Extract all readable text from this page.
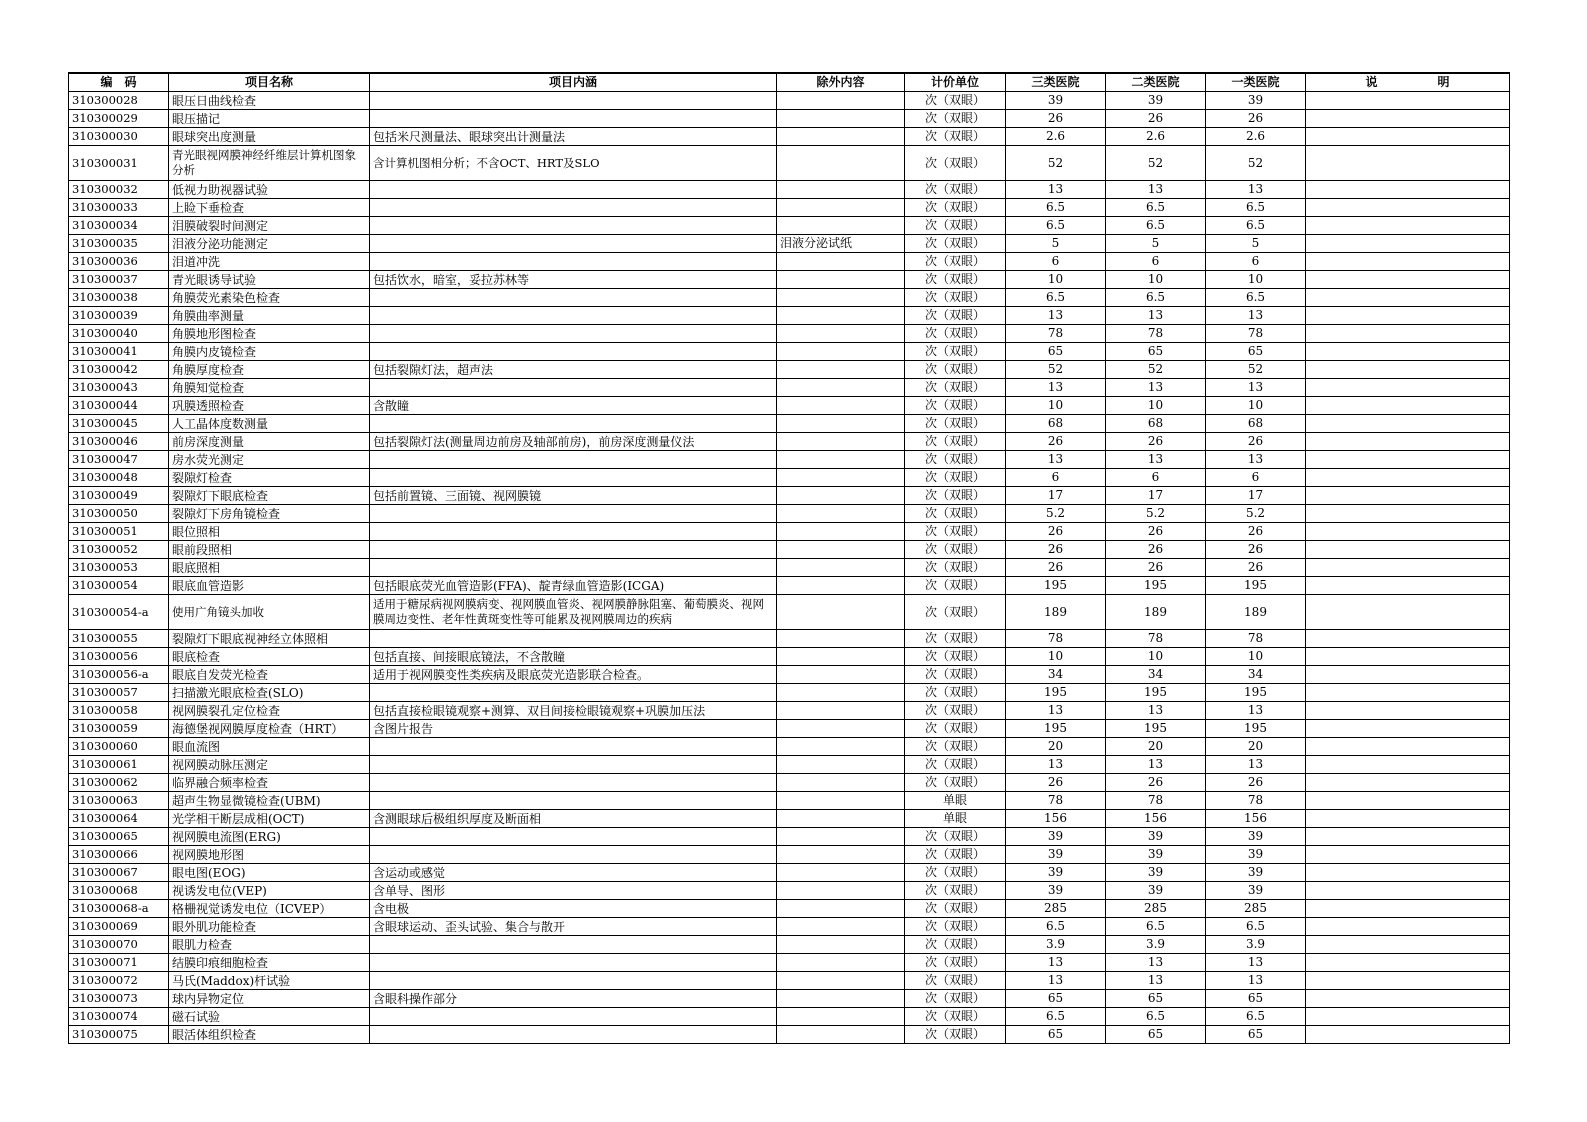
编　码	项目名称	项目内涵	除外内容	计价单位	三类医院	二类医院	一类医院	说　　　　　明
310300028	眼压日曲线检查			次（双眼）	39	39	39	
310300029	眼压描记			次（双眼）	26	26	26	
310300030	眼球突出度测量	包括米尺测量法、眼球突出计测量法		次（双眼）	2.6	2.6	2.6	
310300031	青光眼视网膜神经纤维层计算机图象分析	含计算机图相分析；不含OCT、HRT及SLO		次（双眼）	52	52	52	
310300032	低视力助视器试验			次（双眼）	13	13	13	
310300033	上睑下垂检查			次（双眼）	6.5	6.5	6.5	
310300034	泪膜破裂时间测定			次（双眼）	6.5	6.5	6.5	
310300035	泪液分泌功能测定		泪液分泌试纸	次（双眼）	5	5	5	
310300036	泪道冲洗			次（双眼）	6	6	6	
310300037	青光眼诱导试验	包括饮水，暗室，妥拉苏林等		次（双眼）	10	10	10	
310300038	角膜荧光素染色检查			次（双眼）	6.5	6.5	6.5	
310300039	角膜曲率测量			次（双眼）	13	13	13	
310300040	角膜地形图检查			次（双眼）	78	78	78	
310300041	角膜内皮镜检查			次（双眼）	65	65	65	
310300042	角膜厚度检查	包括裂隙灯法，超声法		次（双眼）	52	52	52	
310300043	角膜知觉检查			次（双眼）	13	13	13	
310300044	巩膜透照检查	含散瞳		次（双眼）	10	10	10	
310300045	人工晶体度数测量			次（双眼）	68	68	68	
310300046	前房深度测量	包括裂隙灯法(测量周边前房及轴部前房)，前房深度测量仪法		次（双眼）	26	26	26	
310300047	房水荧光测定			次（双眼）	13	13	13	
310300048	裂隙灯检查			次（双眼）	6	6	6	
310300049	裂隙灯下眼底检查	包括前置镜、三面镜、视网膜镜		次（双眼）	17	17	17	
310300050	裂隙灯下房角镜检查			次（双眼）	5.2	5.2	5.2	
310300051	眼位照相			次（双眼）	26	26	26	
310300052	眼前段照相			次（双眼）	26	26	26	
310300053	眼底照相			次（双眼）	26	26	26	
310300054	眼底血管造影	包括眼底荧光血管造影(FFA)、靛青绿血管造影(ICGA)		次（双眼）	195	195	195	
310300054-a	使用广角镜头加收	适用于糖尿病视网膜病变、视网膜血管炎、视网膜静脉阻塞、葡萄膜炎、视网膜周边变性、老年性黄斑变性等可能累及视网膜周边的疾病		次（双眼）	189	189	189	
310300055	裂隙灯下眼底视神经立体照相			次（双眼）	78	78	78	
310300056	眼底检查	包括直接、间接眼底镜法，不含散瞳		次（双眼）	10	10	10	
310300056-a	眼底自发荧光检查	适用于视网膜变性类疾病及眼底荧光造影联合检查。		次（双眼）	34	34	34	
310300057	扫描激光眼底检查(SLO)			次（双眼）	195	195	195	
310300058	视网膜裂孔定位检查	包括直接检眼镜观察+测算、双目间接检眼镜观察+巩膜加压法		次（双眼）	13	13	13	
310300059	海德堡视网膜厚度检查（HRT）	含图片报告		次（双眼）	195	195	195	
310300060	眼血流图			次（双眼）	20	20	20	
310300061	视网膜动脉压测定			次（双眼）	13	13	13	
310300062	临界融合频率检查			次（双眼）	26	26	26	
310300063	超声生物显微镜检查(UBM)			单眼	78	78	78	
310300064	光学相干断层成相(OCT)	含测眼球后极组织厚度及断面相		单眼	156	156	156	
310300065	视网膜电流图(ERG)			次（双眼）	39	39	39	
310300066	视网膜地形图			次（双眼）	39	39	39	
310300067	眼电图(EOG)	含运动或感觉		次（双眼）	39	39	39	
310300068	视诱发电位(VEP)	含单导、图形		次（双眼）	39	39	39	
310300068-a	格栅视觉诱发电位（ICVEP）	含电极		次（双眼）	285	285	285	
310300069	眼外肌功能检查	含眼球运动、歪头试验、集合与散开		次（双眼）	6.5	6.5	6.5	
310300070	眼肌力检查			次（双眼）	3.9	3.9	3.9	
310300071	结膜印痕细胞检查			次（双眼）	13	13	13	
310300072	马氏(Maddox)杆试验			次（双眼）	13	13	13	
310300073	球内异物定位	含眼科操作部分		次（双眼）	65	65	65	
310300074	磁石试验			次（双眼）	6.5	6.5	6.5	
310300075	眼活体组织检查			次（双眼）	65	65	65	
